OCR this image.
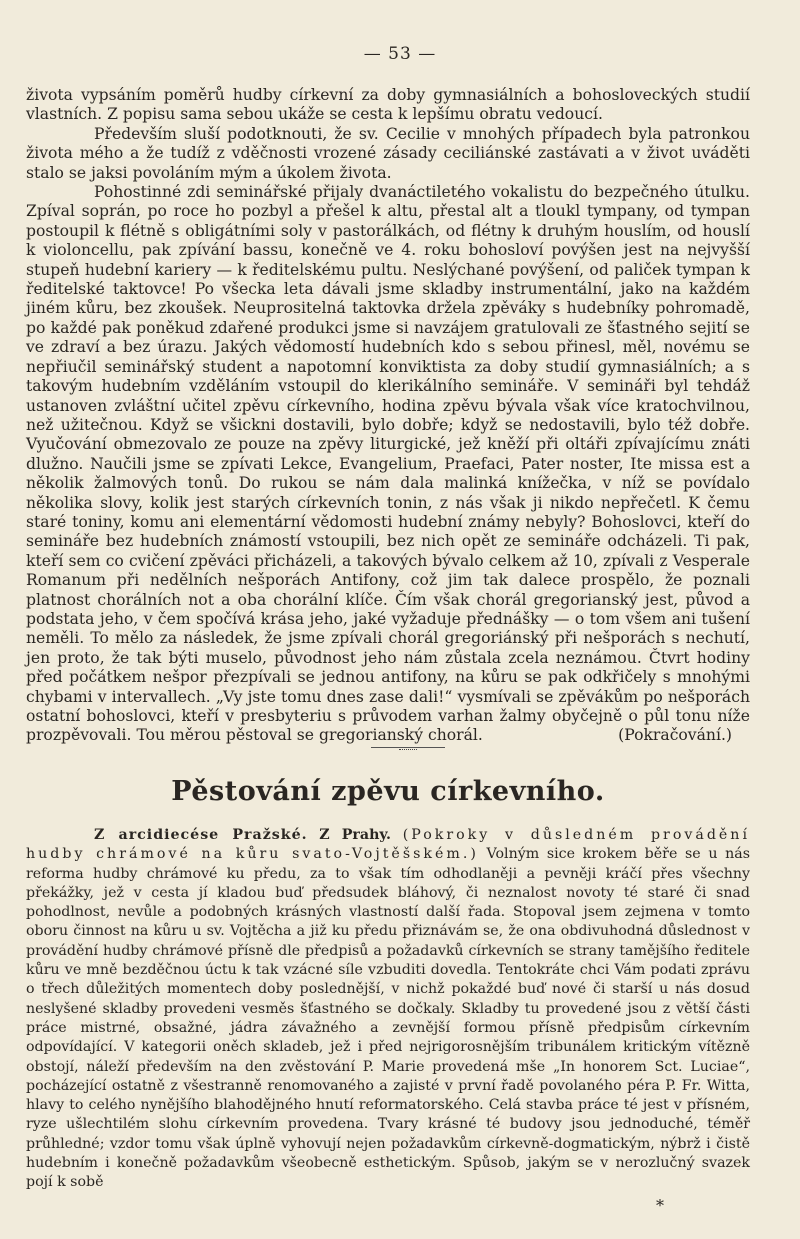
— 53 —

života vypsáním poměrů hudby církevní za doby gymnasiálních a bohosloveckých studií vlastních. Z popisu sama sebou ukáže se cesta k lepšímu obratu vedoucí.

Především sluší podotknouti, že sv. Cecilie v mnohých případech byla patronkou života mého a že tudíž z vděčnosti vrozené zásady ceciliánské zastávati a v život uváděti stalo se jaksi povoláním mým a úkolem života.

Pohostinné zdi seminářské přijaly dvanáctiletého vokalistu do bezpečného útulku. Zpíval soprán, po roce ho pozbyl a přešel k altu, přestal alt a tloukl tympany, od tympan postoupil k flétně s obligátními soly v pastorálkách, od flétny k druhým houslím, od houslí k violoncellu, pak zpívání bassu, konečně ve 4. roku bohosloví povýšen jest na nejvyšší stupeň hudební kariery — k ředitelskému pultu. Neslýchané povýšení, od paliček tympan k ředitelské taktovce! Po všecka leta dávali jsme skladby instrumentální, jako na každém jiném kůru, bez zkoušek. Neuprositelná taktovka držela zpěváky s hudebníky pohromadě, po každé pak poněkud zdařené produkci jsme si navzájem gratulovali ze šťastného sejití se ve zdraví a bez úrazu. Jakých vědomostí hudebních kdo s sebou přinesl, měl, novému se nepřiučil seminářský student a napotomní konviktista za doby studií gymnasiálních; a s takovým hudebním vzděláním vstoupil do klerikálního semináře. V semináři byl tehdáž ustanoven zvláštní učitel zpěvu církevního, hodina zpěvu bývala však více kratochvilnou, než užitečnou. Když se všickni dostavili, bylo dobře; když se nedostavili, bylo též dobře. Vyučování obmezovalo ze pouze na zpěvy liturgické, jež kněží při oltáři zpívajícímu znáti dlužno. Naučili jsme se zpívati Lekce, Evangelium, Praefaci, Pater noster, Ite missa est a několik žalmových tonů. Do rukou se nám dala malinká knížečka, v níž se povídalo několika slovy, kolik jest starých církevních tonin, z nás však ji nikdo nepřečetl. K čemu staré toniny, komu ani elementární vědomosti hudební známy nebyly? Bohoslovci, kteří do semináře bez hudebních známostí vstoupili, bez nich opět ze semináře odcházeli. Ti pak, kteří sem co cvičení zpěváci přicházeli, a takových bývalo celkem až 10, zpívali z Vesperale Romanum při nedělních nešporách Antifony, což jim tak dalece prospělo, že poznali platnost chorálních not a oba chorální klíče. Čím však chorál gregorianský jest, původ a podstata jeho, v čem spočívá krása jeho, jaké vyžaduje přednášky — o tom všem ani tušení neměli. To mělo za následek, že jsme zpívali chorál gregoriánský při nešporách s nechutí, jen proto, že tak býti muselo, původnost jeho nám zůstala zcela neznámou. Čtvrt hodiny před počátkem nešpor přezpívali se jednou antifony, na kůru se pak odkřičely s mnohými chybami v intervallech. „Vy jste tomu dnes zase dali!“ vysmívali se zpěvákům po nešporách ostatní bohoslovci, kteří v presbyteriu s průvodem varhan žalmy obyčejně o půl tonu níže prozpěvovali. Tou měrou pěstoval se gregorianský chorál.	(Pokračování.)
Pěstování zpěvu církevního.

Z arcidiecése Pražské. Z Prahy. (Pokroky v důsledném provádění hudby chrámové na kůru svato-Vojtěšském.) Volným sice krokem běře se u nás reforma hudby chrámové ku předu, za to však tím odhodlaněji a pevněji kráčí přes všechny překážky, jež v cesta jí kladou buď předsudek bláhový, či neznalost novoty té staré či snad pohodlnost, nevůle a podobných krásných vlastností další řada. Stopoval jsem zejmena v tomto oboru činnost na kůru u sv. Vojtěcha a již ku předu přiznávám se, že ona obdivuhodná důslednost v provádění hudby chrámové přísně dle předpisů a požadavků církevních se strany tamějšího ředitele kůru ve mně bezděčnou úctu k tak vzácné síle vzbuditi dovedla. Tentokráte chci Vám podati zprávu o třech důležitých momentech doby poslednější, v nichž pokaždé buď nové či starší u nás dosud neslyšené skladby provedeni vesměs šťastného se dočkaly. Skladby tu provedené jsou z větší části práce mistrné, obsažné, jádra závažného a zevnější formou přísně předpisům církevním odpovídající. V kategorii oněch skladeb, jež i před nejrigorosnějším tribunálem kritickým vítězně obstojí, náleží především na den zvěstování P. Marie provedená mše „In honorem Sct. Luciae“, pocházející ostatně z všestranně renomovaného a zajisté v první řadě povolaného péra P. Fr. Witta, hlavy to celého nynějšího blahodějného hnutí reformatorského. Celá stavba práce té jest v přísném, ryze ušlechtilém slohu církevním provedena. Tvary krásné té budovy jsou jednoduché, téměř průhledné; vzdor tomu však úplně vyhovují nejen požadavkům církevně-dogmatickým, nýbrž i čistě hudebním i konečně požadavkům všeobecně esthetickým. Spůsob, jakým se v nerozlučný svazek pojí k sobě

*
